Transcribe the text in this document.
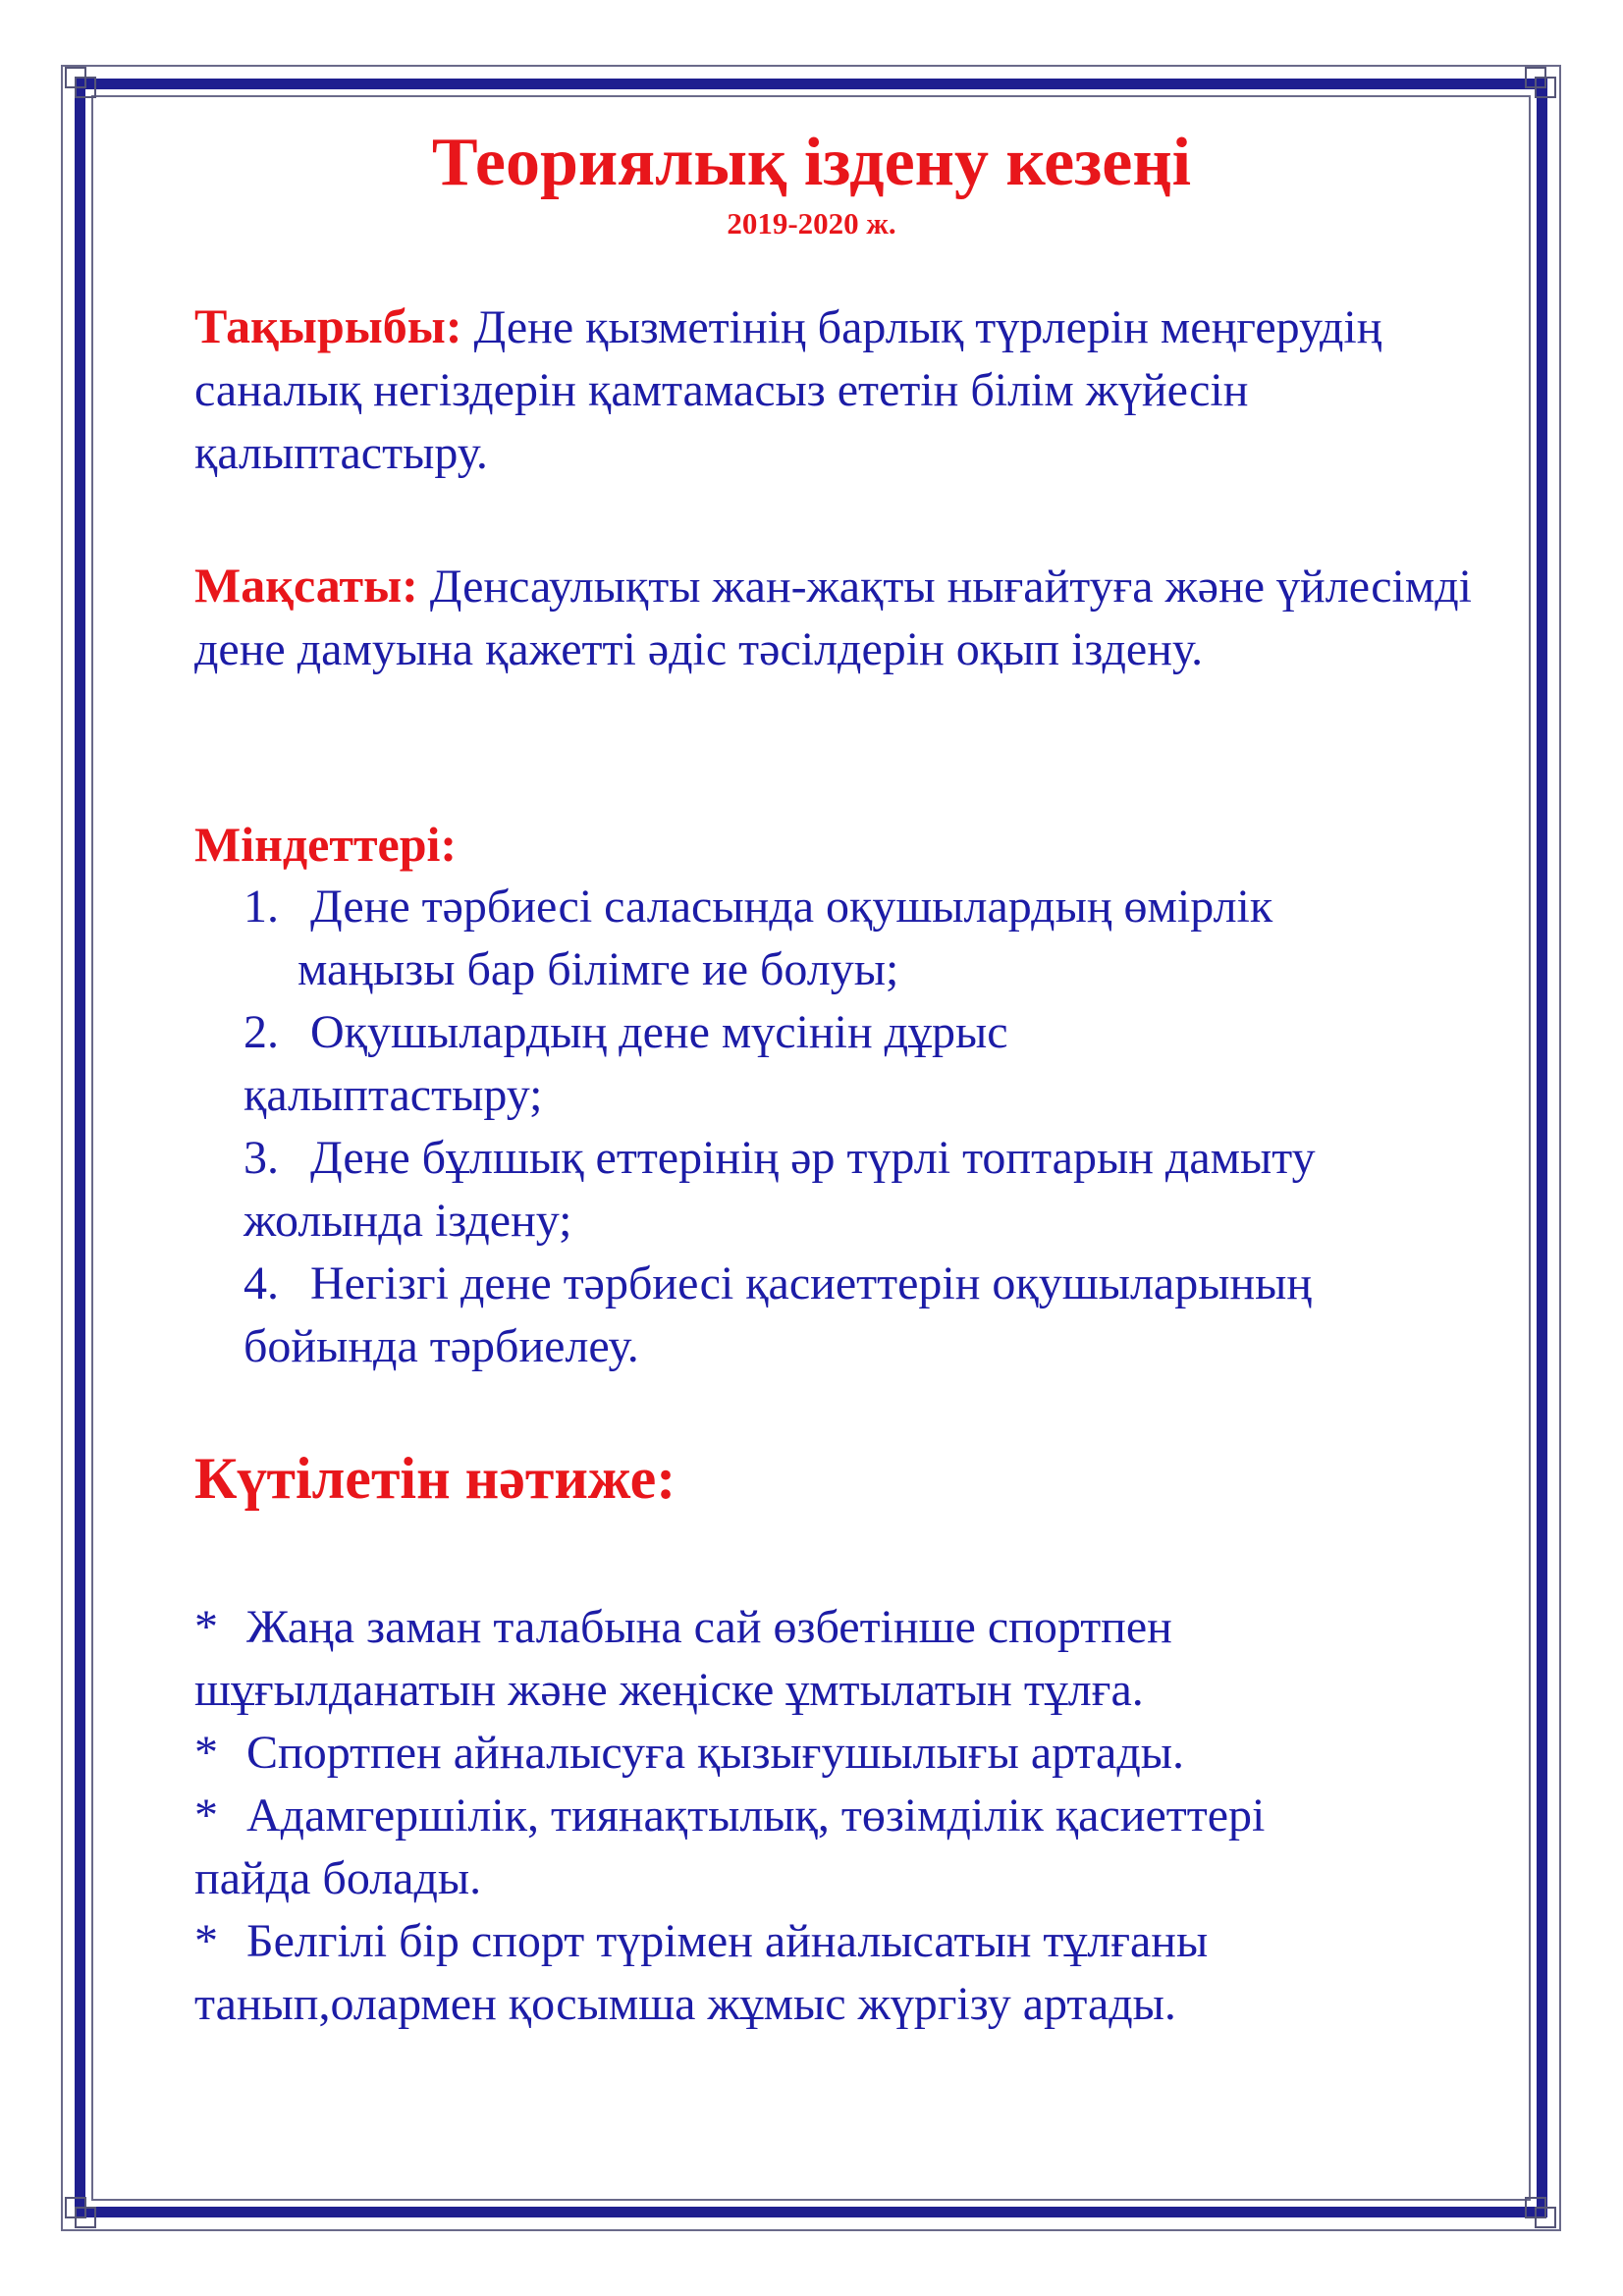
Теориялық іздену кезеңі
2019-2020 ж.
Тақырыбы: Дене қызметінің барлық түрлерін меңгерудің саналық негіздерін қамтамасыз ететін білім жүйесін қалыптастыру.
Мақсаты: Денсаулықты жан-жақты нығайтуға және үйлесімді дене дамуына қажетті әдіс тәсілдерін оқып іздену.
Міндеттері:
1. Дене тәрбиесі саласында оқушылардың өмірлік
маңызы бар білімге ие болуы;
2. Оқушылардың дене мүсінін дұрыс
қалыптастыру;
3. Дене бұлшық еттерінің әр түрлі топтарын дамыту
жолында іздену;
4. Негізгі дене тәрбиесі қасиеттерін оқушыларының
бойында тәрбиелеу.
Күтілетін нәтиже:
* Жаңа заман талабына сай өзбетінше спортпен
шұғылданатын және жеңіске ұмтылатын тұлға.
* Спортпен айналысуға қызығушылығы артады.
* Адамгершілік, тиянақтылық, төзімділік қасиеттері
пайда болады.
* Белгілі бір спорт түрімен айналысатын тұлғаны
танып,олармен қосымша жұмыс жүргізу артады.
